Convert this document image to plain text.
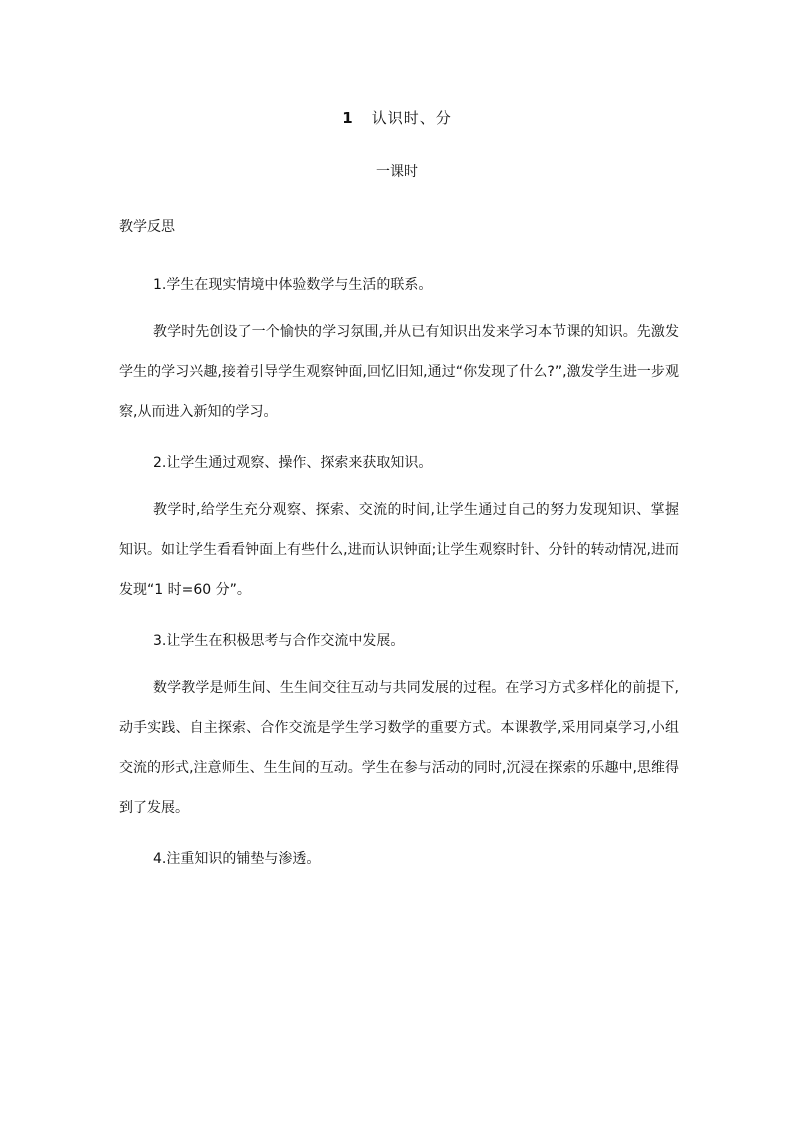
1 认识时、分
一课时
教学反思

1.学生在现实情境中体验数学与生活的联系。

教学时先创设了一个愉快的学习氛围,并从已有知识出发来学习本节课的知识。先激发学生的学习兴趣,接着引导学生观察钟面,回忆旧知,通过“你发现了什么?”,激发学生进一步观察,从而进入新知的学习。

2.让学生通过观察、操作、探索来获取知识。

教学时,给学生充分观察、探索、交流的时间,让学生通过自己的努力发现知识、掌握知识。如让学生看看钟面上有些什么,进而认识钟面;让学生观察时针、分针的转动情况,进而发现“1 时=60 分”。

3.让学生在积极思考与合作交流中发展。

数学教学是师生间、生生间交往互动与共同发展的过程。在学习方式多样化的前提下,动手实践、自主探索、合作交流是学生学习数学的重要方式。本课教学,采用同桌学习,小组交流的形式,注意师生、生生间的互动。学生在参与活动的同时,沉浸在探索的乐趣中,思维得到了发展。

4.注重知识的铺垫与渗透。
